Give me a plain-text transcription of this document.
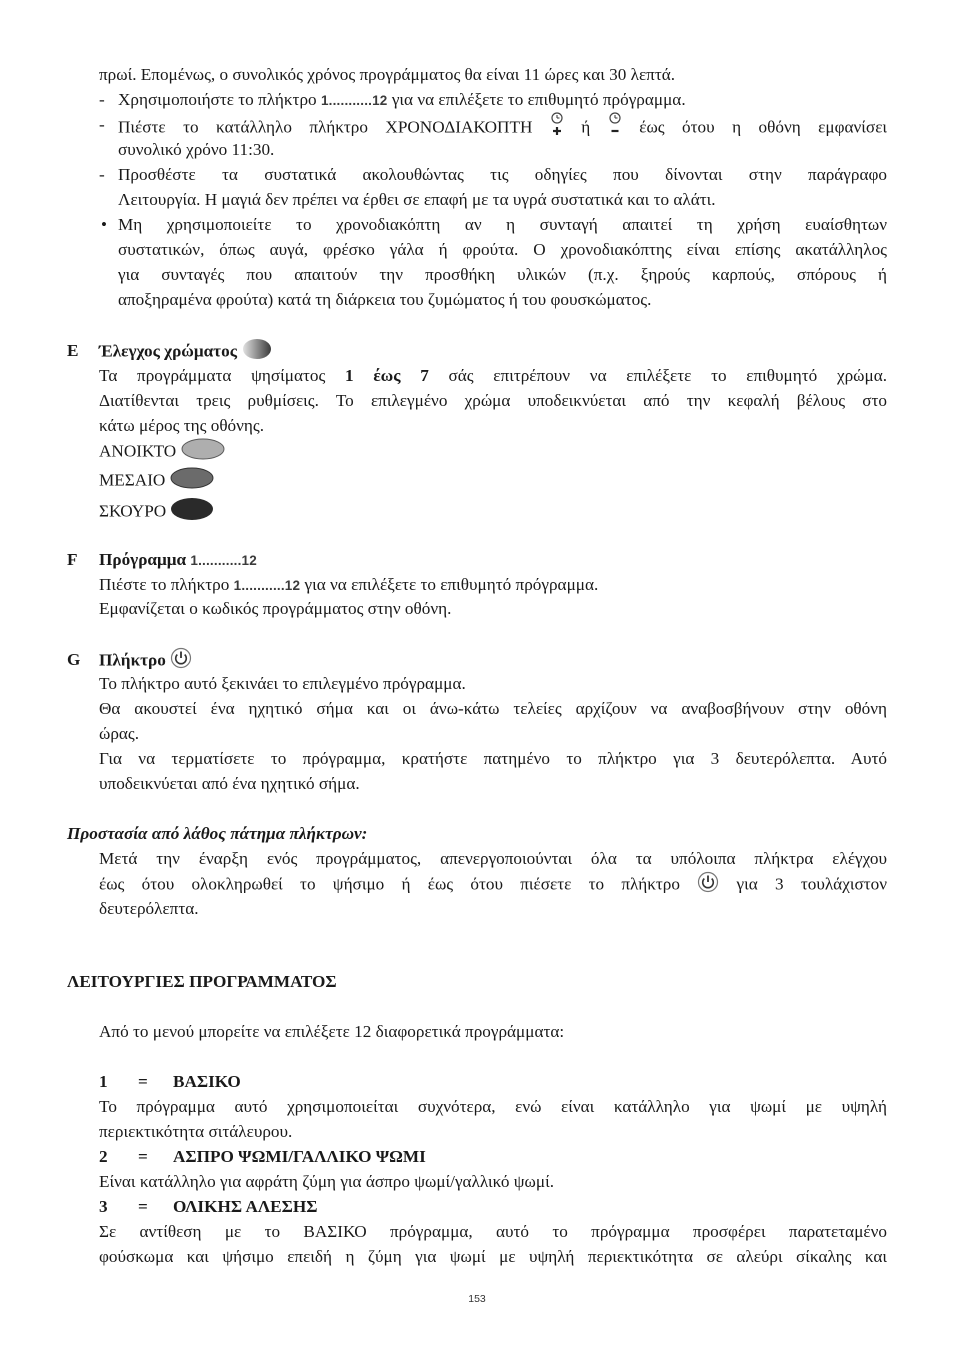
πρωί. Επομένως, ο συνολικός χρόνος προγράμματος θα είναι 11 ώρες και 30 λεπτά.
- Χρησιμοποιήστε το πλήκτρο 1...........12 για να επιλέξετε το επιθυμητό πρόγραμμα.
- Πιέστε το κατάλληλο πλήκτρο ΧΡΟΝΟΔΙΑΚΟΠΤΗ	ή	έως ότου η οθόνη εμφανίσει
συνολικό χρόνο 11:30.
- Προσθέστε τα συστατικά ακολουθώντας τις οδηγίες που δίνονται στην παράγραφο
Λειτουργία. Η μαγιά δεν πρέπει να έρθει σε επαφή με τα υγρά συστατικά και το αλάτι.
• Μη χρησιμοποιείτε το χρονοδιακόπτη αν η συνταγή απαιτεί τη χρήση ευαίσθητων
συστατικών, όπως αυγά, φρέσκο γάλα ή φρούτα. Ο χρονοδιακόπτης είναι επίσης ακατάλληλος
για συνταγές που απαιτούν την προσθήκη υλικών (π.χ. ξηρούς καρπούς, σπόρους ή
αποξηραμένα φρούτα) κατά τη διάρκεια του ζυμώματος ή του φουσκώματος.
E Έλεγχος χρώματος
Τα προγράμματα ψησίματος 1 έως 7 σάς επιτρέπουν να επιλέξετε το επιθυμητό χρώμα.
Διατίθενται τρεις ρυθμίσεις. Το επιλεγμένο χρώμα υποδεικνύεται από την κεφαλή βέλους στο
κάτω μέρος της οθόνης.
ΑΝΟΙΚΤΟ
ΜΕΣΑΙΟ
ΣΚΟΥΡΟ
F Πρόγραμμα 1...........12
Πιέστε το πλήκτρο 1...........12 για να επιλέξετε το επιθυμητό πρόγραμμα.
Εμφανίζεται ο κωδικός προγράμματος στην οθόνη.
G Πλήκτρο
Το πλήκτρο αυτό ξεκινάει το επιλεγμένο πρόγραμμα.
Θα ακουστεί ένα ηχητικό σήμα και οι άνω-κάτω τελείες αρχίζουν να αναβοσβήνουν στην οθόνη
ώρας.
Για να τερματίσετε το πρόγραμμα, κρατήστε πατημένο το πλήκτρο για 3 δευτερόλεπτα. Αυτό
υποδεικνύεται από ένα ηχητικό σήμα.
Προστασία από λάθος πάτημα πλήκτρων:
Μετά την έναρξη ενός προγράμματος, απενεργοποιούνται όλα τα υπόλοιπα πλήκτρα ελέγχου
έως ότου ολοκληρωθεί το ψήσιμο ή έως ότου πιέσετε το πλήκτρο	για 3 τουλάχιστον
δευτερόλεπτα.
ΛΕΙΤΟΥΡΓΙΕΣ ΠΡΟΓΡΑΜΜΑΤΟΣ
Από το μενού μπορείτε να επιλέξετε 12 διαφορετικά προγράμματα:
1 = ΒΑΣΙΚΟ
Το πρόγραμμα αυτό χρησιμοποιείται συχνότερα, ενώ είναι κατάλληλο για ψωμί με υψηλή
περιεκτικότητα σιτάλευρου.
2 = ΑΣΠΡΟ ΨΩΜΙ/ΓΑΛΛΙΚΟ ΨΩΜΙ
Είναι κατάλληλο για αφράτη ζύμη για άσπρο ψωμί/γαλλικό ψωμί.
3 = ΟΛΙΚΗΣ ΑΛΕΣΗΣ
Σε αντίθεση με το ΒΑΣΙΚΟ πρόγραμμα, αυτό το πρόγραμμα προσφέρει παρατεταμένο
φούσκωμα και ψήσιμο επειδή η ζύμη για ψωμί με υψηλή περιεκτικότητα σε αλεύρι σίκαλης και
153
